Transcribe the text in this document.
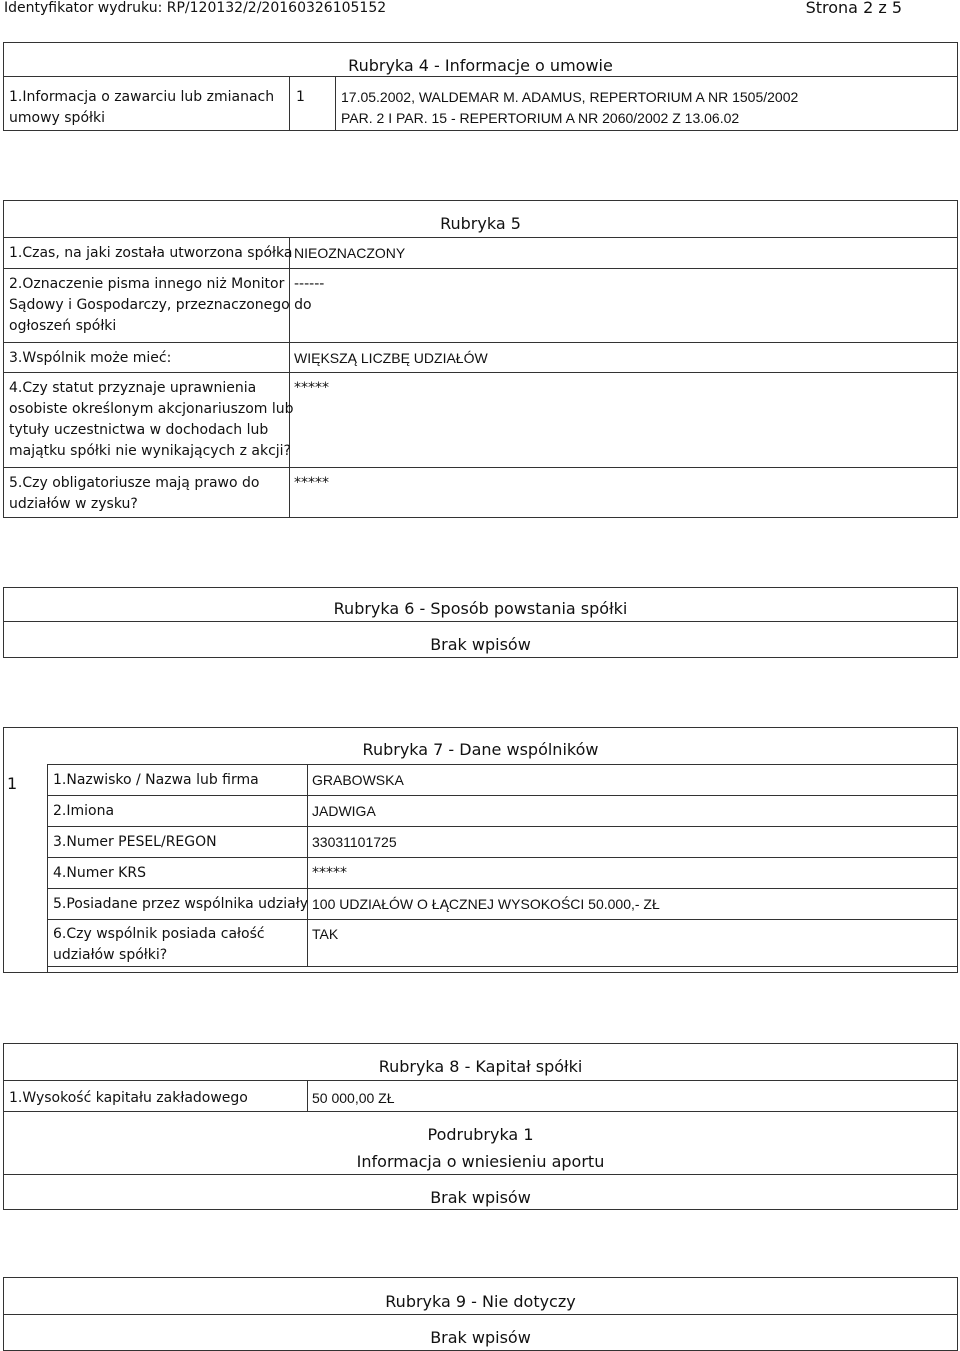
Identyfikator wydruku: RP/120132/2/20160326105152	Strona 2 z 5
Rubryka 4 - Informacje o umowie
1.Informacja o zawarciu lub zmianach
umowy spółki
1	17.05.2002, WALDEMAR M. ADAMUS, REPERTORIUM A NR 1505/2002
PAR. 2 I PAR. 15 - REPERTORIUM A NR 2060/2002 Z 13.06.02
Rubryka 5
1.Czas, na jaki została utworzona spółka NIEOZNACZONY
2.Oznaczenie pisma innego niż Monitor
Sądowy i Gospodarczy, przeznaczonego do
ogłoszeń spółki
------
3.Wspólnik może mieć:	WIĘKSZĄ LICZBĘ UDZIAŁÓW
4.Czy statut przyznaje uprawnienia
osobiste określonym akcjonariuszom lub
tytuły uczestnictwa w dochodach lub
majątku spółki nie wynikających z akcji?
*****
5.Czy obligatoriusze mają prawo do
udziałów w zysku?
*****
Rubryka 6 - Sposób powstania spółki
Brak wpisów
Rubryka 7 - Dane wspólników
1	1.Nazwisko / Nazwa lub firma	GRABOWSKA
2.Imiona	JADWIGA
3.Numer PESEL/REGON	33031101725
4.Numer KRS	*****
5.Posiadane przez wspólnika udziały 100 UDZIAŁÓW O ŁĄCZNEJ WYSOKOŚCI 50.000,- ZŁ
6.Czy wspólnik posiada całość
udziałów spółki?
TAK
Rubryka 8 - Kapitał spółki
1.Wysokość kapitału zakładowego	50 000,00 ZŁ
Podrubryka 1
Informacja o wniesieniu aportu
Brak wpisów
Rubryka 9 - Nie dotyczy
Brak wpisów
